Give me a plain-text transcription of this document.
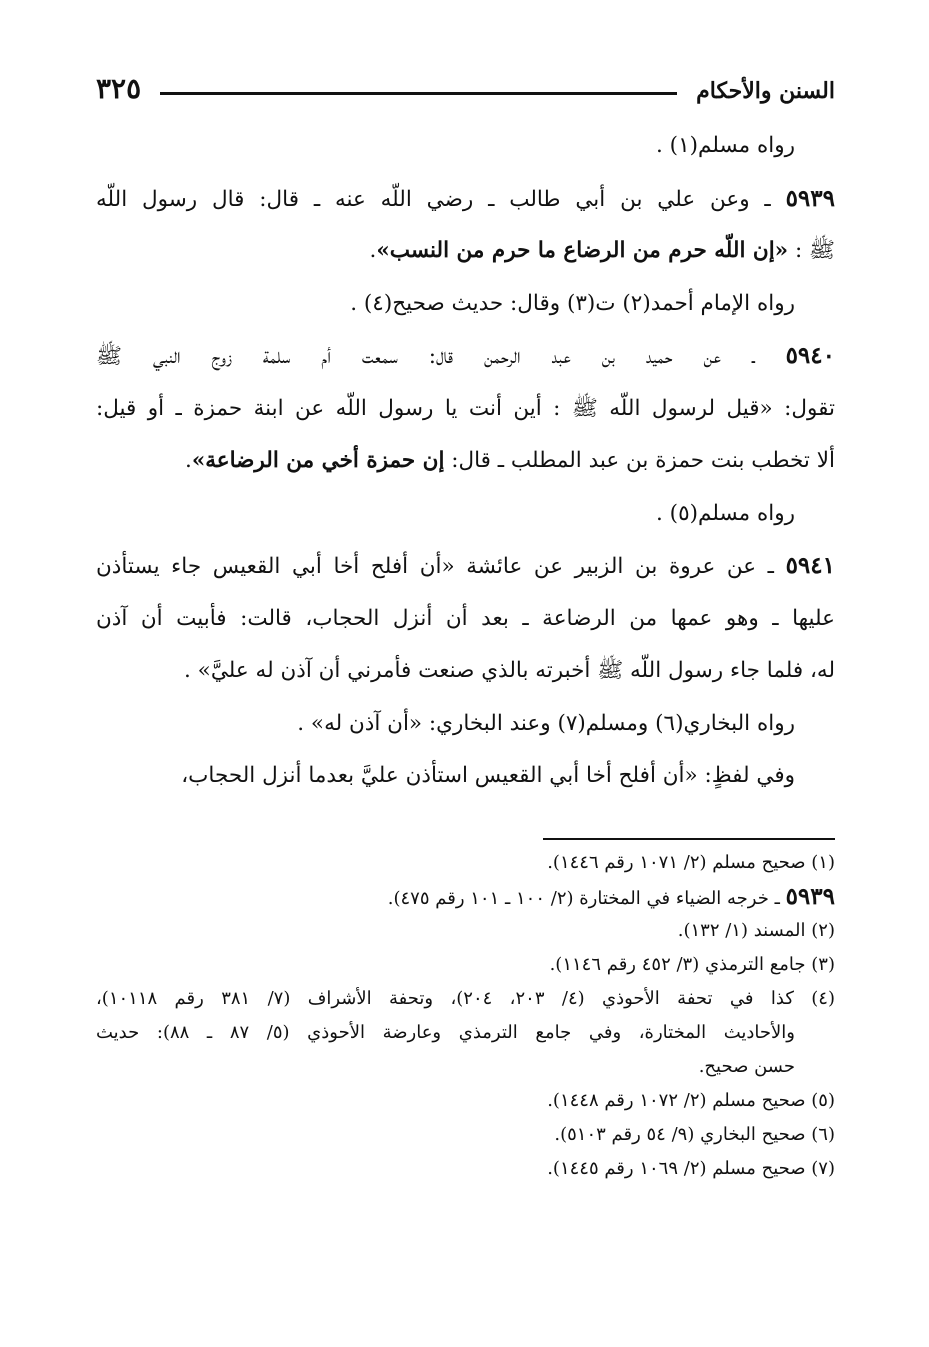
السنن والأحكام
٣٢٥
رواه مسلم(١) .
٥٩٣٩ ـ وعن علي بن أبي طالب ـ رضي اللّه عنه ـ قال: قال رسول اللّه
ﷺ : «إن اللّه حرم من الرضاع ما حرم من النسب».
رواه الإمام أحمد(٢) ت(٣) وقال: حديث صحيح(٤) .
٥٩٤٠ ـ عن حميد بن عبد الرحمن قال: سمعت أم سلمة زوج النبي ﷺ
تقول: «قيل لرسول اللّه ﷺ : أين أنت يا رسول اللّه عن ابنة حمزة ـ أو قيل:
ألا تخطب بنت حمزة بن عبد المطلب ـ قال: إن حمزة أخي من الرضاعة».
رواه مسلم(٥) .
٥٩٤١ ـ عن عروة بن الزبير عن عائشة «أن أفلح أخا أبي القعيس جاء يستأذن
عليها ـ وهو عمها من الرضاعة ـ بعد أن أنزل الحجاب، قالت: فأبيت أن آذن
له، فلما جاء رسول اللّه ﷺ أخبرته بالذي صنعت فأمرني أن آذن له عليَّ» .
رواه البخاري(٦) ومسلم(٧) وعند البخاري: «أن آذن له» .
وفي لفظٍ: «أن أفلح أخا أبي القعيس استأذن عليَّ بعدما أنزل الحجاب،
(١) صحيح مسلم (٢/ ١٠٧١ رقم ١٤٤٦).
٥٩٣٩ ـ خرجه الضياء في المختارة (٢/ ١٠٠ ـ ١٠١ رقم ٤٧٥).
(٢) المسند (١/ ١٣٢).
(٣) جامع الترمذي (٣/ ٤٥٢ رقم ١١٤٦).
(٤) كذا في تحفة الأحوذي (٤/ ٢٠٣، ٢٠٤)، وتحفة الأشراف (٧/ ٣٨١ رقم ١٠١١٨)،
والأحاديث المختارة، وفي جامع الترمذي وعارضة الأحوذي (٥/ ٨٧ ـ ٨٨): حديث
حسن صحيح.
(٥) صحيح مسلم (٢/ ١٠٧٢ رقم ١٤٤٨).
(٦) صحيح البخاري (٩/ ٥٤ رقم ٥١٠٣).
(٧) صحيح مسلم (٢/ ١٠٦٩ رقم ١٤٤٥).
